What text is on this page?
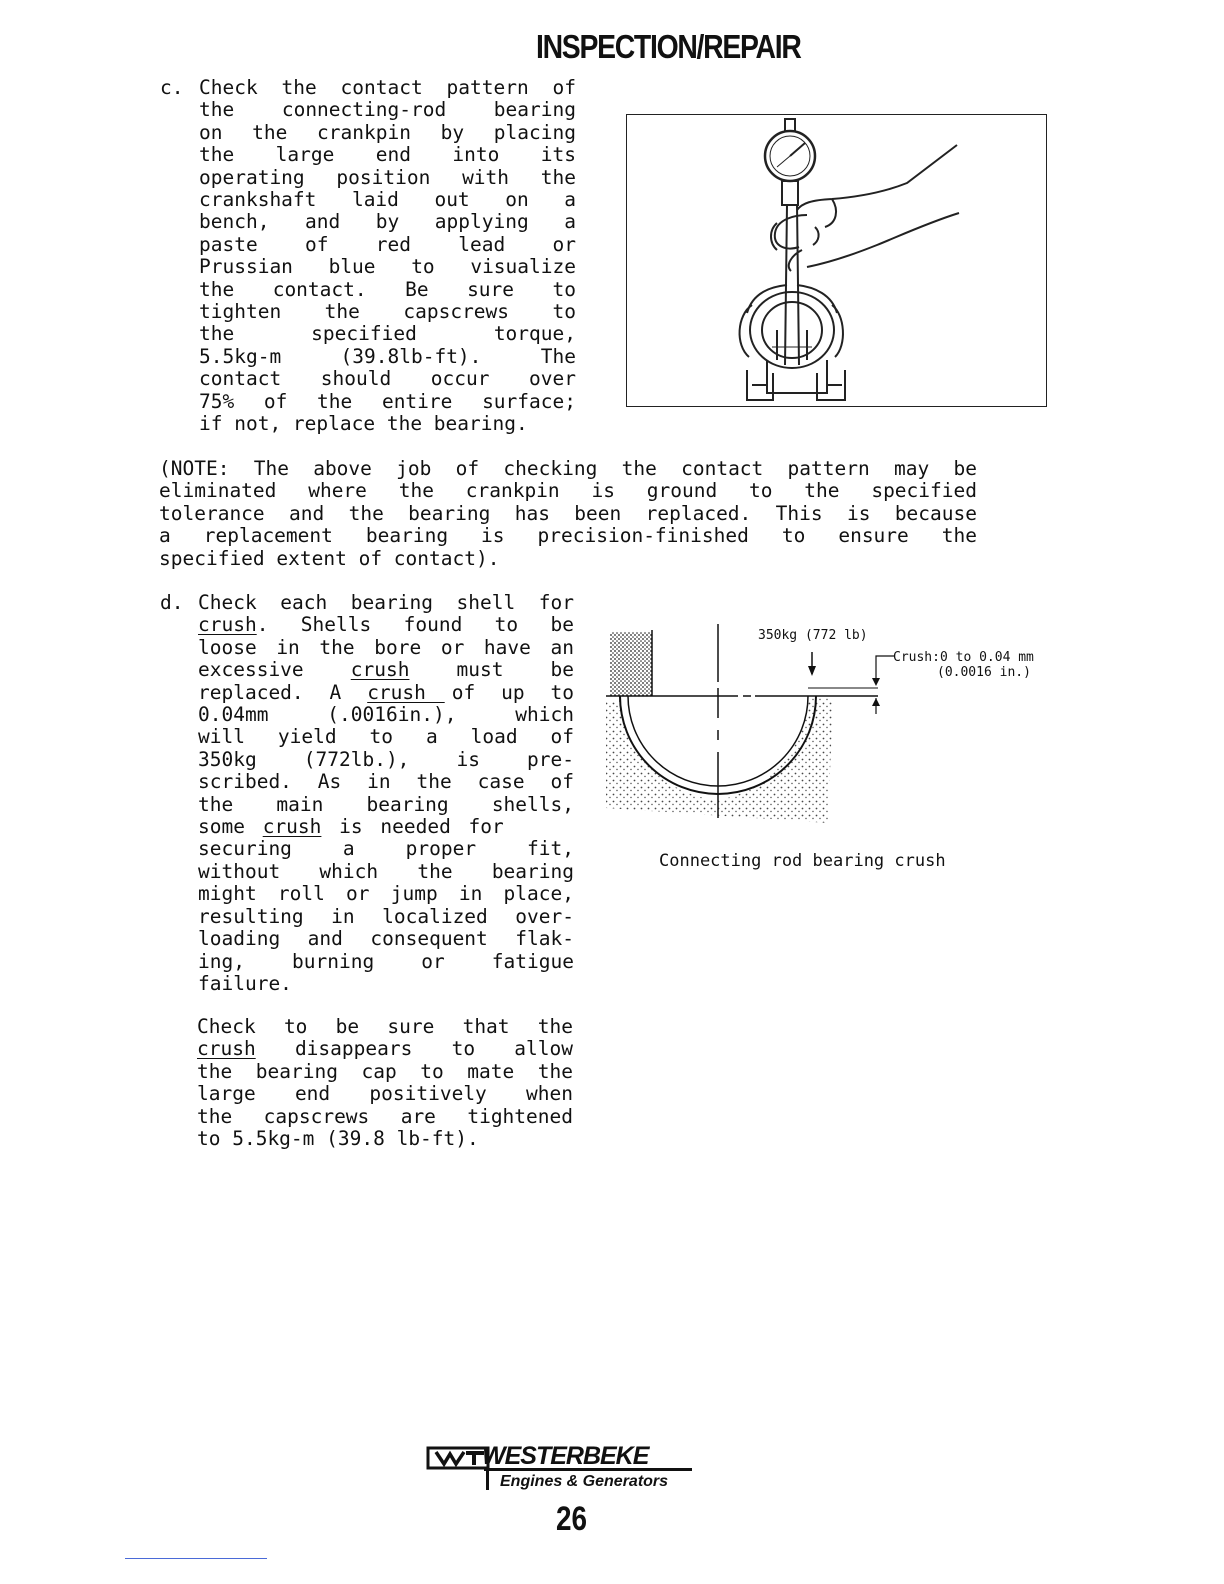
INSPECTION/REPAIR
c. Check the contact pattern of
the connecting-rod bearing
on the crankpin by placing
the large end into its
operating position with the
crankshaft laid out on a
bench, and by applying a
paste of red lead or
Prussian blue to visualize
the contact. Be sure to
tighten the capscrews to
the specified torque,
5.5kg-m (39.8lb-ft). The
contact should occur over
75% of the entire surface;
if not, replace the bearing.
(NOTE: The above job of checking the contact pattern may be
eliminated where the crankpin is ground to the specified
tolerance and the bearing has been replaced. This is because
a replacement bearing is precision-finished to ensure the
specified extent of contact).
d. Check each bearing shell for
crush. Shells found to be
loose in the bore or have an
excessive crush must be
replaced. A crush of up to
0.04mm (.0016in.), which
will yield to a load of
350kg (772lb.), is pre-
scribed. As in the case of
the main bearing shells,
some crush is needed for
securing a proper fit,
without which the bearing
might roll or jump in place,
resulting in localized over-
loading and consequent flak-
ing, burning or fatigue
failure.
Check to be sure that the
crush disappears to allow
the bearing cap to mate the
large end positively when
the capscrews are tightened
to 5.5kg-m (39.8 lb-ft).
350kg (772 lb)
Crush:0 to 0.04 mm
(0.0016 in.)
Connecting rod bearing crush
WESTERBEKE
Engines & Generators
26
